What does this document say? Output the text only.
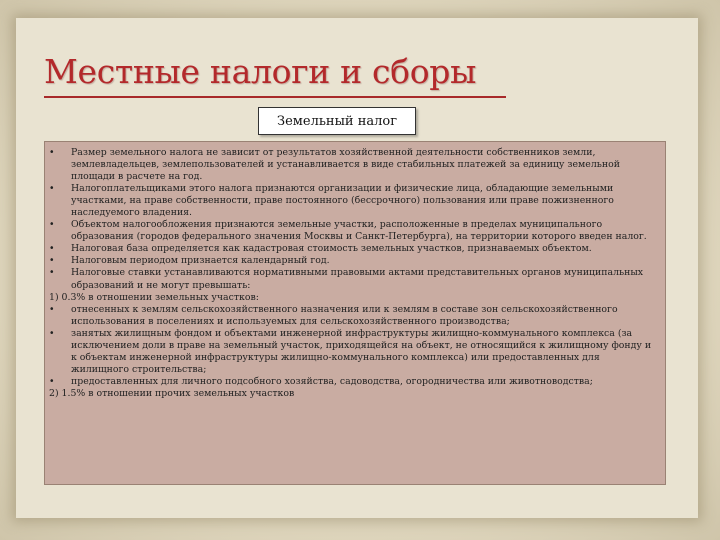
Местные налоги и сборы
Земельный налог
•
Размер земельного налога не зависит от результатов хозяйственной деятельности собственников земли, землевладельцев, землепользователей и устанавливается в виде стабильных платежей за единицу земельной площади в расчете на год.
•
Налогоплательщиками этого налога признаются организации и физические лица, обладающие земельными участками, на праве собственности, праве постоянного (бессрочного) пользования или праве пожизненного наследуемого владения.
•
Объектом налогообложения признаются земельные участки, расположенные в пределах муниципального образования (городов федерального значения Москвы и Санкт-Петербурга), на территории которого введен налог.
•
Налоговая база определяется как кадастровая стоимость земельных участков, признаваемых объектом.
•
Налоговым периодом признается календарный год.
•
Налоговые ставки устанавливаются нормативными правовыми актами представительных органов муниципальных образований и не могут превышать:
1) 0.3% в отношении земельных участков:
•
отнесенных к землям сельскохозяйственного назначения или к землям в составе зон сельскохозяйственного использования в поселениях и используемых для сельскохозяйственного производства;
•
занятых жилищным фондом и объектами инженерной инфраструктуры жилищно-коммунального комплекса (за исключением доли в праве на земельный участок, приходящейся на объект, не относящийся к жилищному фонду и к объектам инженерной инфраструктуры жилищно-коммунального комплекса) или предоставленных для жилищного строительства;
•
предоставленных для личного подсобного хозяйства, садоводства, огородничества или животноводства;
2) 1.5% в отношении прочих земельных участков
